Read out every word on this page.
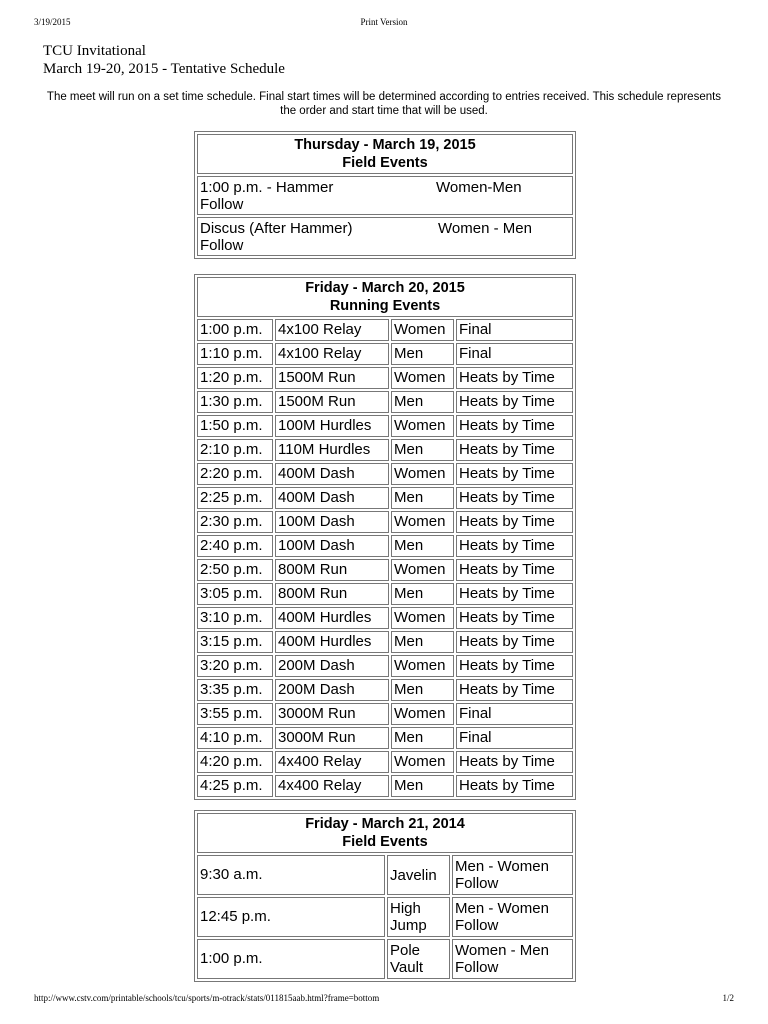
3/19/2015	Print Version
TCU Invitational
March 19-20, 2015 - Tentative Schedule
The meet will run on a set time schedule. Final start times will be determined according to entries received. This schedule represents the order and start time that will be used.
Thursday - March 19, 2015
Field Events

1:00 p.m. - Hammer	Women-Men
Follow

Discus (After Hammer)	Women - Men
Follow
Friday - March 20, 2015
Running Events			

1:00 p.m.	4x100 Relay	Women	Final
1:10 p.m.	4x100 Relay	Men	Final
1:20 p.m.	1500M Run	Women	Heats by Time
1:30 p.m.	1500M Run	Men	Heats by Time
1:50 p.m.	100M Hurdles	Women	Heats by Time
2:10 p.m.	110M Hurdles	Men	Heats by Time
2:20 p.m.	400M Dash	Women	Heats by Time
2:25 p.m.	400M Dash	Men	Heats by Time
2:30 p.m.	100M Dash	Women	Heats by Time
2:40 p.m.	100M Dash	Men	Heats by Time
2:50 p.m.	800M Run	Women	Heats by Time
3:05 p.m.	800M Run	Men	Heats by Time
3:10 p.m.	400M Hurdles	Women	Heats by Time
3:15 p.m.	400M Hurdles	Men	Heats by Time
3:20 p.m.	200M Dash	Women	Heats by Time
3:35 p.m.	200M Dash	Men	Heats by Time
3:55 p.m.	3000M Run	Women	Final
4:10 p.m.	3000M Run	Men	Final
4:20 p.m.	4x400 Relay	Women	Heats by Time
4:25 p.m.	4x400 Relay	Men	Heats by Time
Friday - March 21, 2014
Field Events		

9:30 a.m.	Javelin	Men - Women Follow
12:45 p.m.	High Jump	Men - Women Follow
1:00 p.m.	Pole Vault	Women - Men Follow
http://www.cstv.com/printable/schools/tcu/sports/m-otrack/stats/011815aab.html?frame=bottom	1/2
